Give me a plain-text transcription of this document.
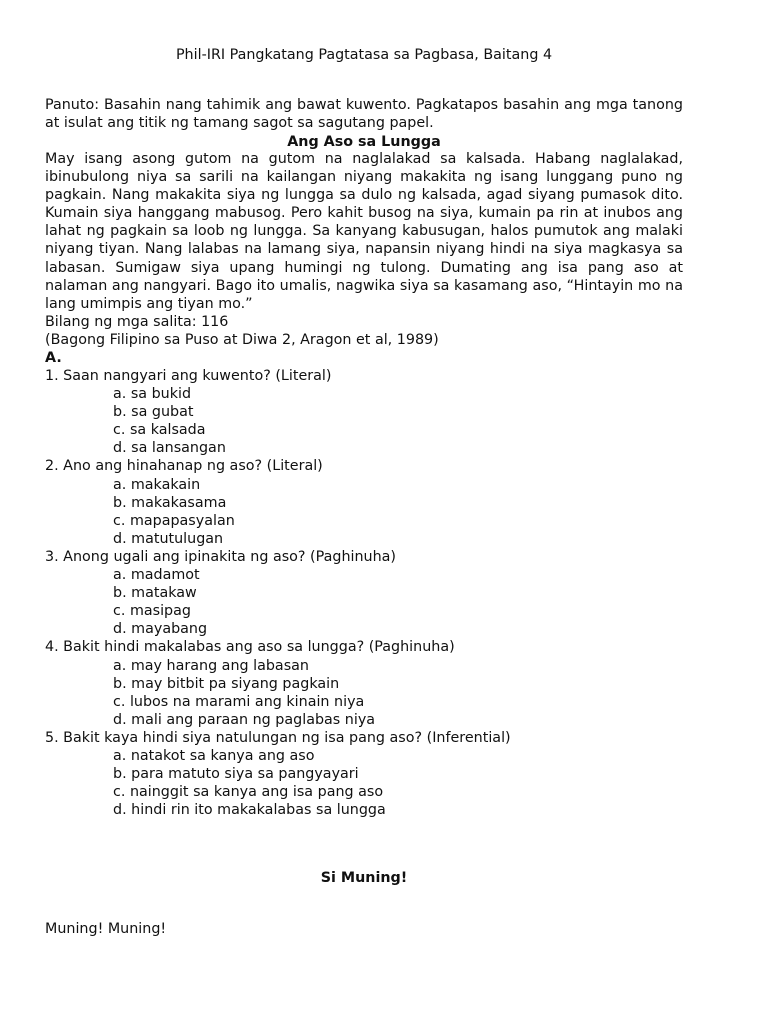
Phil-IRI Pangkatang Pagtatasa sa Pagbasa, Baitang 4

Panuto: Basahin nang tahimik ang bawat kuwento. Pagkatapos basahin ang mga tanong at isulat ang titik ng tamang sagot sa sagutang papel.

Ang Aso sa Lungga

May isang asong gutom na gutom na naglalakad sa kalsada. Habang naglalakad, ibinubulong niya sa sarili na kailangan niyang makakita ng isang lunggang puno ng pagkain. Nang makakita siya ng lungga sa dulo ng kalsada, agad siyang pumasok dito. Kumain siya hanggang mabusog. Pero kahit busog na siya, kumain pa rin at inubos ang lahat ng pagkain sa loob ng lungga. Sa kanyang kabusugan, halos pumutok ang malaki niyang tiyan. Nang lalabas na lamang siya, napansin niyang hindi na siya magkasya sa labasan. Sumigaw siya upang humingi ng tulong. Dumating ang isa pang aso at nalaman ang nangyari. Bago ito umalis, nagwika siya sa kasamang aso, “Hintayin mo na lang umimpis ang tiyan mo.”

Bilang ng mga salita: 116
(Bagong Filipino sa Puso at Diwa 2, Aragon et al, 1989)
A.
1. Saan nangyari ang kuwento? (Literal)
a. sa bukid
b. sa gubat
c. sa kalsada
d. sa lansangan
2. Ano ang hinahanap ng aso? (Literal)
a. makakain
b. makakasama
c. mapapasyalan
d. matutulugan
3. Anong ugali ang ipinakita ng aso? (Paghinuha)
a. madamot
b. matakaw
c. masipag
d. mayabang
4. Bakit hindi makalabas ang aso sa lungga? (Paghinuha)
a. may harang ang labasan
b. may bitbit pa siyang pagkain
c. lubos na marami ang kinain niya
d. mali ang paraan ng paglabas niya
5. Bakit kaya hindi siya natulungan ng isa pang aso? (Inferential)
a. natakot sa kanya ang aso
b. para matuto siya sa pangyayari
c. nainggit sa kanya ang isa pang aso
d. hindi rin ito makakalabas sa lungga
Si Muning!
Muning! Muning!
